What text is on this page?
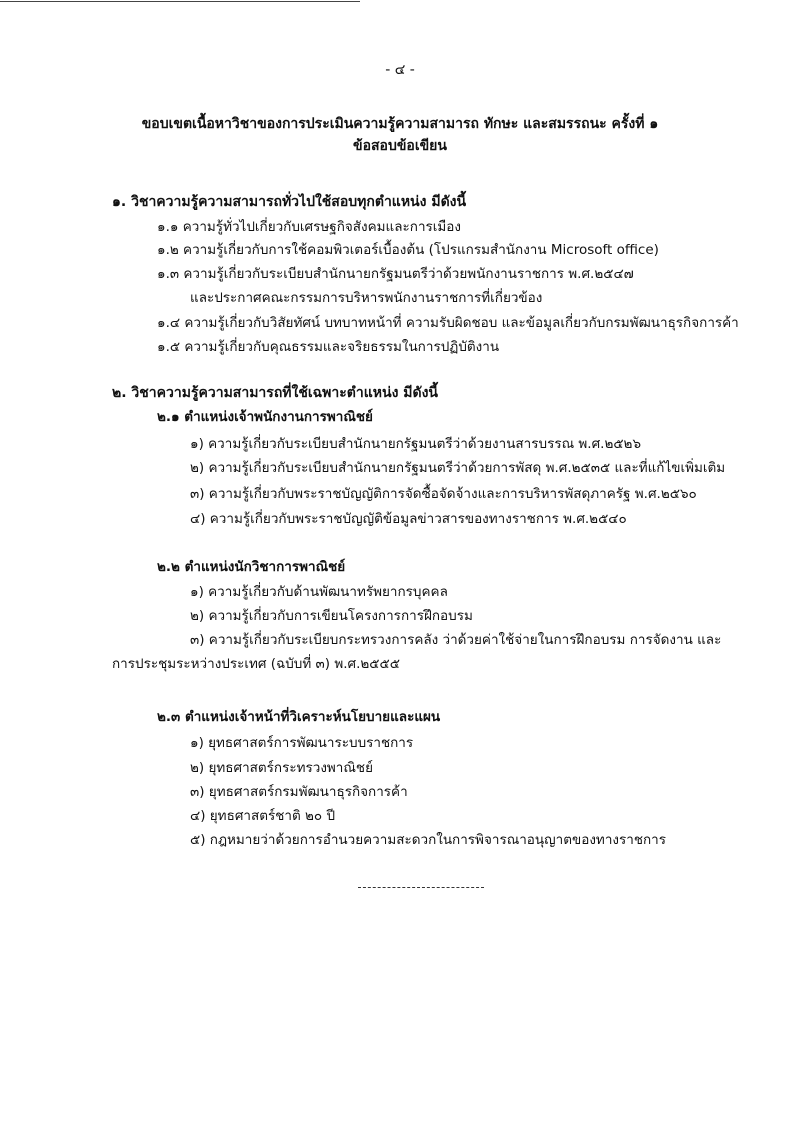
- ๔ -
ขอบเขตเนื้อหาวิชาของการประเมินความรู้ความสามารถ ทักษะ และสมรรถนะ ครั้งที่ ๑
ข้อสอบข้อเขียน
๑. วิชาความรู้ความสามารถทั่วไปใช้สอบทุกตำแหน่ง มีดังนี้
๑.๑ ความรู้ทั่วไปเกี่ยวกับเศรษฐกิจสังคมและการเมือง
๑.๒ ความรู้เกี่ยวกับการใช้คอมพิวเตอร์เบื้องต้น (โปรแกรมสำนักงาน Microsoft office)
๑.๓ ความรู้เกี่ยวกับระเบียบสำนักนายกรัฐมนตรีว่าด้วยพนักงานราชการ พ.ศ.๒๕๔๗
และประกาศคณะกรรมการบริหารพนักงานราชการที่เกี่ยวข้อง
๑.๔ ความรู้เกี่ยวกับวิสัยทัศน์ บทบาทหน้าที่ ความรับผิดชอบ และข้อมูลเกี่ยวกับกรมพัฒนาธุรกิจการค้า
๑.๕ ความรู้เกี่ยวกับคุณธรรมและจริยธรรมในการปฏิบัติงาน
๒. วิชาความรู้ความสามารถที่ใช้เฉพาะตำแหน่ง มีดังนี้
๒.๑ ตำแหน่งเจ้าพนักงานการพาณิชย์
๑) ความรู้เกี่ยวกับระเบียบสำนักนายกรัฐมนตรีว่าด้วยงานสารบรรณ พ.ศ.๒๕๒๖
๒) ความรู้เกี่ยวกับระเบียบสำนักนายกรัฐมนตรีว่าด้วยการพัสดุ พ.ศ.๒๕๓๕ และที่แก้ไขเพิ่มเติม
๓) ความรู้เกี่ยวกับพระราชบัญญัติการจัดซื้อจัดจ้างและการบริหารพัสดุภาครัฐ พ.ศ.๒๕๖๐
๔) ความรู้เกี่ยวกับพระราชบัญญัติข้อมูลข่าวสารของทางราชการ พ.ศ.๒๕๔๐
๒.๒ ตำแหน่งนักวิชาการพาณิชย์
๑) ความรู้เกี่ยวกับด้านพัฒนาทรัพยากรบุคคล
๒) ความรู้เกี่ยวกับการเขียนโครงการการฝึกอบรม
๓) ความรู้เกี่ยวกับระเบียบกระทรวงการคลัง ว่าด้วยค่าใช้จ่ายในการฝึกอบรม การจัดงาน และ
การประชุมระหว่างประเทศ (ฉบับที่ ๓) พ.ศ.๒๕๕๕
๒.๓ ตำแหน่งเจ้าหน้าที่วิเคราะห์นโยบายและแผน
๑) ยุทธศาสตร์การพัฒนาระบบราชการ
๒) ยุทธศาสตร์กระทรวงพาณิชย์
๓) ยุทธศาสตร์กรมพัฒนาธุรกิจการค้า
๔) ยุทธศาสตร์ชาติ ๒๐ ปี
๕) กฎหมายว่าด้วยการอำนวยความสะดวกในการพิจารณาอนุญาตของทางราชการ
